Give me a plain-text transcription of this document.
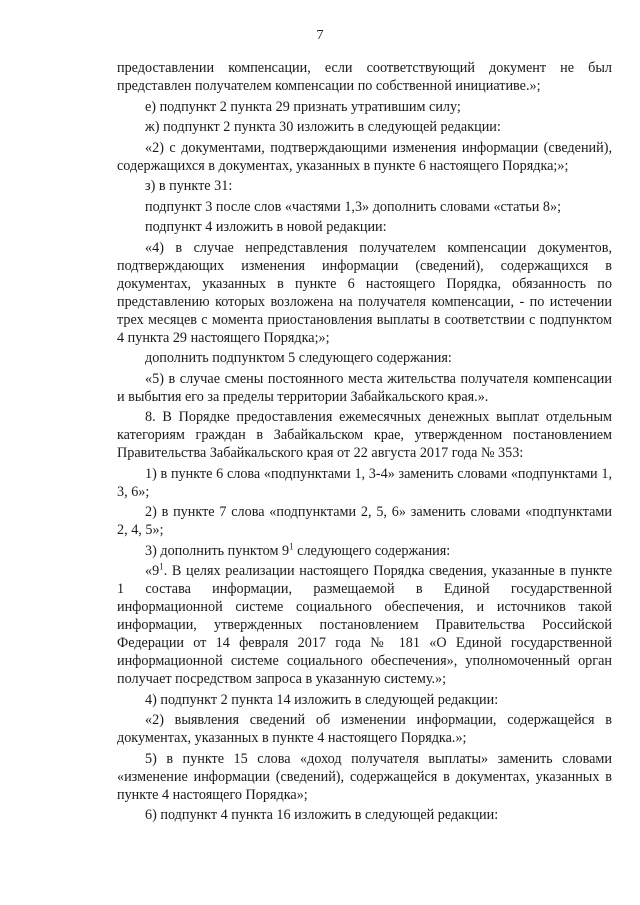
7

предоставлении компенсации, если соответствующий документ не был представлен получателем компенсации по собственной инициативе.»;

е) подпункт 2 пункта 29 признать утратившим силу;

ж) подпункт 2 пункта 30 изложить в следующей редакции:

«2) с документами, подтверждающими изменения информации (сведений), содержащихся в документах, указанных в пункте 6 настоящего Порядка;»;

з) в пункте 31:

подпункт 3 после слов «частями 1,3» дополнить словами «статьи 8»;

подпункт 4 изложить в новой редакции:

«4) в случае непредставления получателем компенсации документов, подтверждающих изменения информации (сведений), содержащихся в документах, указанных в пункте 6 настоящего Порядка, обязанность по представлению которых возложена на получателя компенсации, - по истечении трех месяцев с момента приостановления выплаты в соответствии с подпунктом 4 пункта 29 настоящего Порядка;»;

дополнить подпунктом 5 следующего содержания:

«5) в случае смены постоянного места жительства получателя компенсации и выбытия его за пределы территории Забайкальского края.».

8. В Порядке предоставления ежемесячных денежных выплат отдельным категориям граждан в Забайкальском крае, утвержденном постановлением Правительства Забайкальского края от 22 августа 2017 года № 353:

1) в пункте 6 слова «подпунктами 1, 3-4» заменить словами «подпунктами 1, 3, 6»;

2) в пункте 7 слова «подпунктами 2, 5, 6» заменить словами «подпунктами 2, 4, 5»;

3) дополнить пунктом $9^1$ следующего содержания:

«$9^1$. В целях реализации настоящего Порядка сведения, указанные в пункте 1 состава информации, размещаемой в Единой государственной информационной системе социального обеспечения, и источников такой информации, утвержденных постановлением Правительства Российской Федерации от 14 февраля 2017 года № 181 «О Единой государственной информационной системе социального обеспечения», уполномоченный орган получает посредством запроса в указанную систему.»;

4) подпункт 2 пункта 14 изложить в следующей редакции:

«2) выявления сведений об изменении информации, содержащейся в документах, указанных в пункте 4 настоящего Порядка.»;

5) в пункте 15 слова «доход получателя выплаты» заменить словами «изменение информации (сведений), содержащейся в документах, указанных в пункте 4 настоящего Порядка»;

6) подпункт 4 пункта 16 изложить в следующей редакции:
